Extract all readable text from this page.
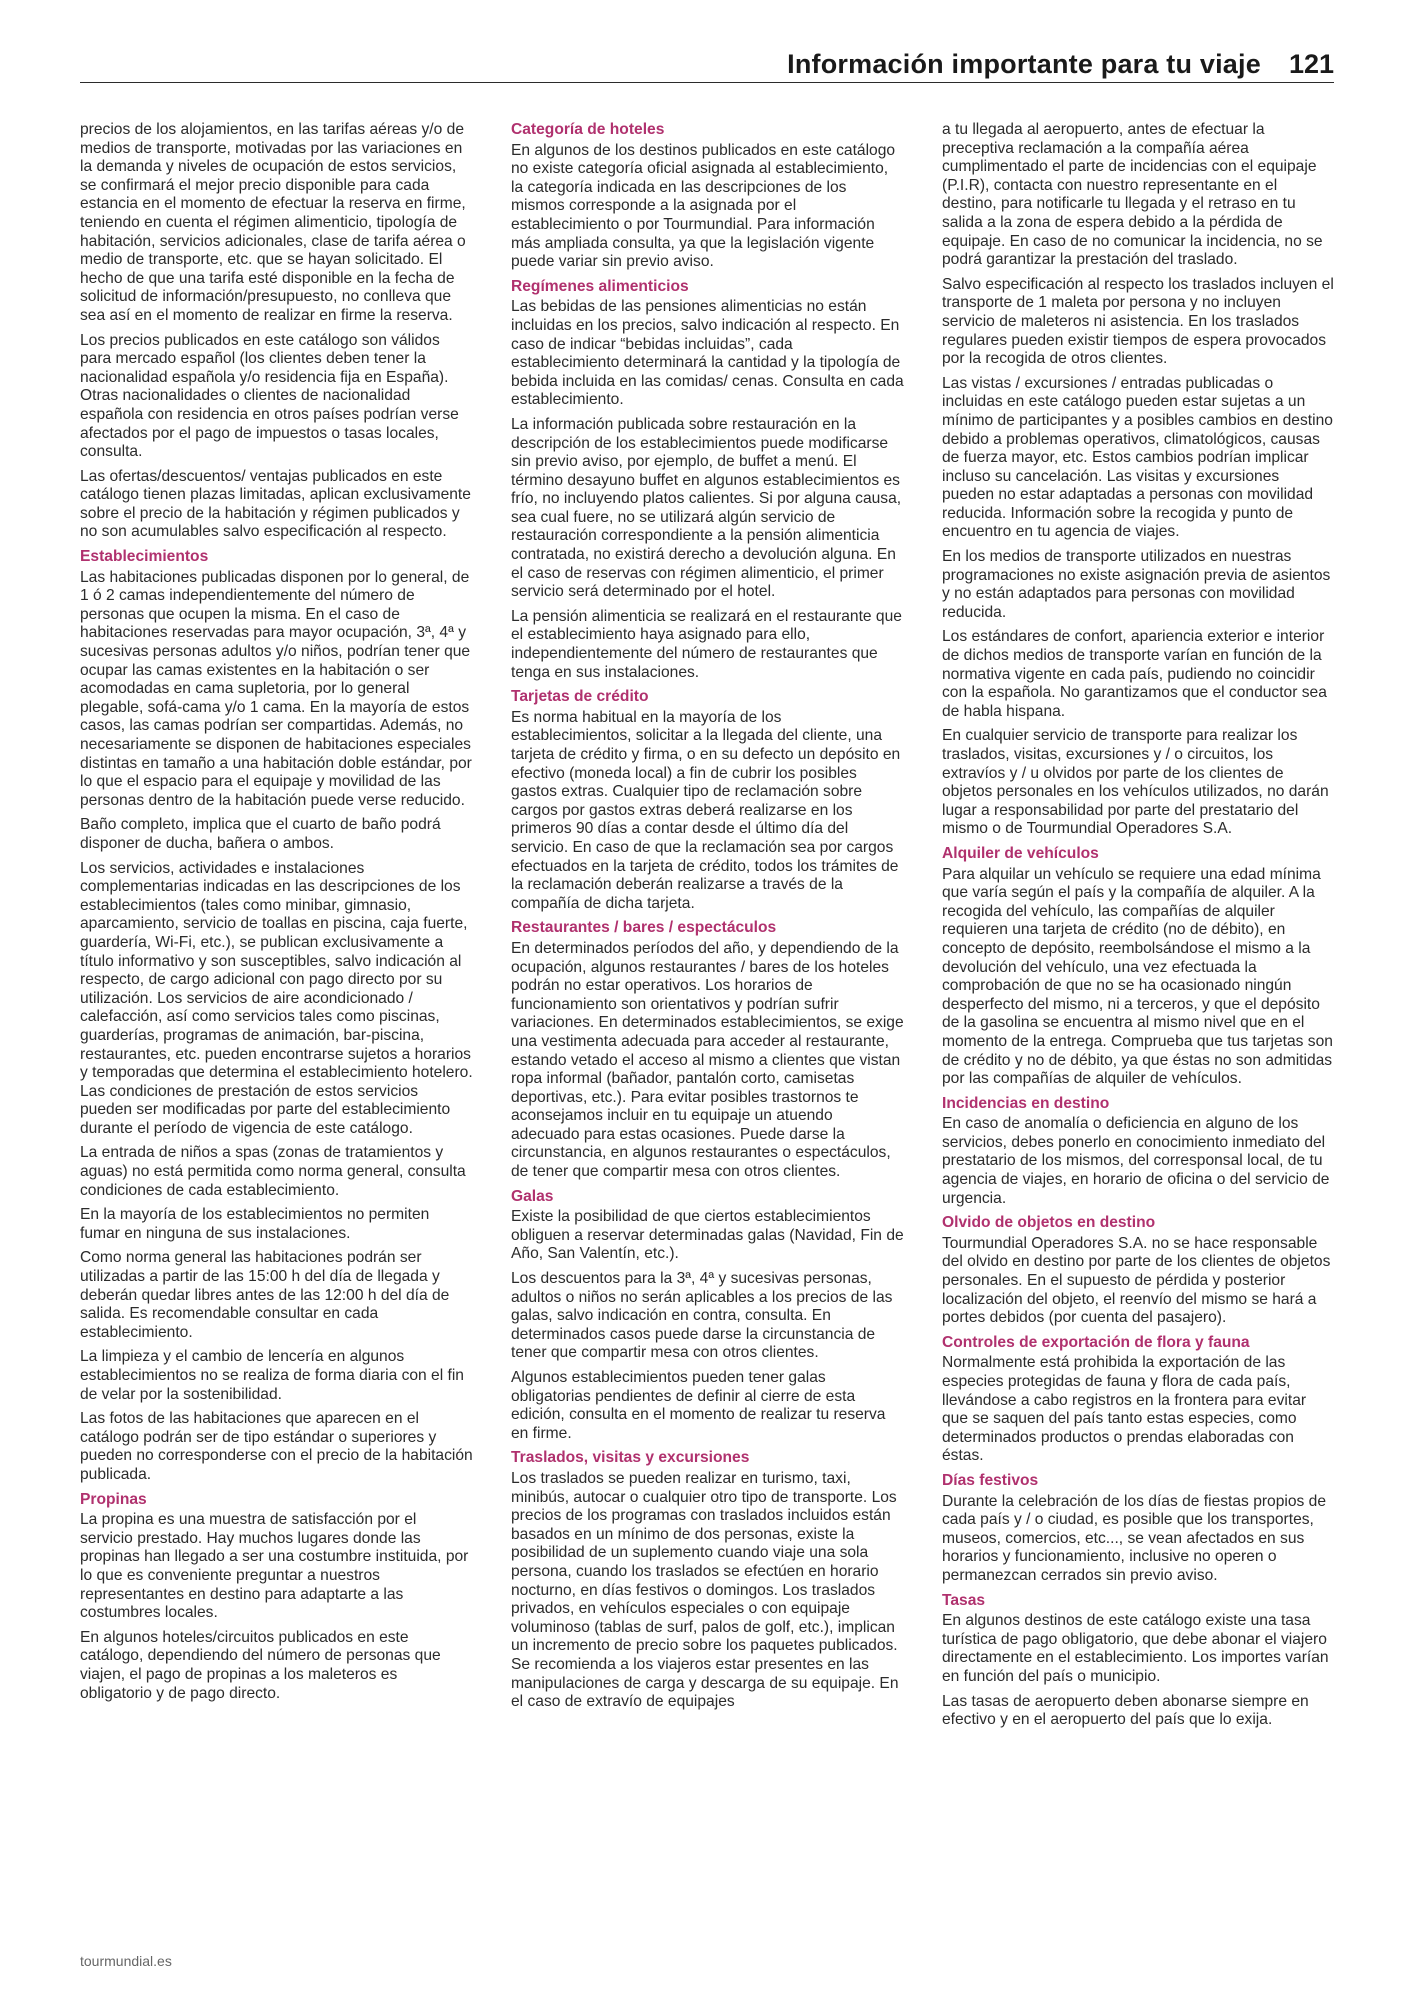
Información importante para tu viaje 121

precios de los alojamientos, en las tarifas aéreas y/o de medios de transporte, motivadas por las variaciones en la demanda y niveles de ocupación de estos servicios, se confirmará el mejor precio disponible para cada estancia en el momento de efectuar la reserva en firme, teniendo en cuenta el régimen alimenticio, tipología de habitación, servicios adicionales, clase de tarifa aérea o medio de transporte, etc. que se hayan solicitado. El hecho de que una tarifa esté disponible en la fecha de solicitud de información/presupuesto, no conlleva que sea así en el momento de realizar en firme la reserva.

Los precios publicados en este catálogo son válidos para mercado español (los clientes deben tener la nacionalidad española y/o residencia fija en España). Otras nacionalidades o clientes de nacionalidad española con residencia en otros países podrían verse afectados por el pago de impuestos o tasas locales, consulta.

Las ofertas/descuentos/ ventajas publicados en este catálogo tienen plazas limitadas, aplican exclusivamente sobre el precio de la habitación y régimen publicados y no son acumulables salvo especificación al respecto.

Establecimientos

Las habitaciones publicadas disponen por lo general, de 1 ó 2 camas independientemente del número de personas que ocupen la misma. En el caso de habitaciones reservadas para mayor ocupación, 3ª, 4ª y sucesivas personas adultos y/o niños, podrían tener que ocupar las camas existentes en la habitación o ser acomodadas en cama supletoria, por lo general plegable, sofá-cama y/o 1 cama. En la mayoría de estos casos, las camas podrían ser compartidas. Además, no necesariamente se disponen de habitaciones especiales distintas en tamaño a una habitación doble estándar, por lo que el espacio para el equipaje y movilidad de las personas dentro de la habitación puede verse reducido.

Baño completo, implica que el cuarto de baño podrá disponer de ducha, bañera o ambos.

Los servicios, actividades e instalaciones complementarias indicadas en las descripciones de los establecimientos (tales como minibar, gimnasio, aparcamiento, servicio de toallas en piscina, caja fuerte, guardería, Wi-Fi, etc.), se publican exclusivamente a título informativo y son susceptibles, salvo indicación al respecto, de cargo adicional con pago directo por su utilización. Los servicios de aire acondicionado / calefacción, así como servicios tales como piscinas, guarderías, programas de animación, bar-piscina, restaurantes, etc. pueden encontrarse sujetos a horarios y temporadas que determina el establecimiento hotelero. Las condiciones de prestación de estos servicios pueden ser modificadas por parte del establecimiento durante el período de vigencia de este catálogo.

La entrada de niños a spas (zonas de tratamientos y aguas) no está permitida como norma general, consulta condiciones de cada establecimiento.

En la mayoría de los establecimientos no permiten fumar en ninguna de sus instalaciones.

Como norma general las habitaciones podrán ser utilizadas a partir de las 15:00 h del día de llegada y deberán quedar libres antes de las 12:00 h del día de salida. Es recomendable consultar en cada establecimiento.

La limpieza y el cambio de lencería en algunos establecimientos no se realiza de forma diaria con el fin de velar por la sostenibilidad.

Las fotos de las habitaciones que aparecen en el catálogo podrán ser de tipo estándar o superiores y pueden no corresponderse con el precio de la habitación publicada.

Propinas

La propina es una muestra de satisfacción por el servicio prestado. Hay muchos lugares donde las propinas han llegado a ser una costumbre instituida, por lo que es conveniente preguntar a nuestros representantes en destino para adaptarte a las costumbres locales.

En algunos hoteles/circuitos publicados en este catálogo, dependiendo del número de personas que viajen, el pago de propinas a los maleteros es obligatorio y de pago directo.

Categoría de hoteles

En algunos de los destinos publicados en este catálogo no existe categoría oficial asignada al establecimiento, la categoría indicada en las descripciones de los mismos corresponde a la asignada por el establecimiento o por Tourmundial. Para información más ampliada consulta, ya que la legislación vigente puede variar sin previo aviso.

Regímenes alimenticios

Las bebidas de las pensiones alimenticias no están incluidas en los precios, salvo indicación al respecto. En caso de indicar “bebidas incluidas”, cada establecimiento determinará la cantidad y la tipología de bebida incluida en las comidas/ cenas. Consulta en cada establecimiento.

La información publicada sobre restauración en la descripción de los establecimientos puede modificarse sin previo aviso, por ejemplo, de buffet a menú. El término desayuno buffet en algunos establecimientos es frío, no incluyendo platos calientes. Si por alguna causa, sea cual fuere, no se utilizará algún servicio de restauración correspondiente a la pensión alimenticia contratada, no existirá derecho a devolución alguna. En el caso de reservas con régimen alimenticio, el primer servicio será determinado por el hotel.

La pensión alimenticia se realizará en el restaurante que el establecimiento haya asignado para ello, independientemente del número de restaurantes que tenga en sus instalaciones.

Tarjetas de crédito

Es norma habitual en la mayoría de los establecimientos, solicitar a la llegada del cliente, una tarjeta de crédito y firma, o en su defecto un depósito en efectivo (moneda local) a fin de cubrir los posibles gastos extras. Cualquier tipo de reclamación sobre cargos por gastos extras deberá realizarse en los primeros 90 días a contar desde el último día del servicio. En caso de que la reclamación sea por cargos efectuados en la tarjeta de crédito, todos los trámites de la reclamación deberán realizarse a través de la compañía de dicha tarjeta.

Restaurantes / bares / espectáculos

En determinados períodos del año, y dependiendo de la ocupación, algunos restaurantes / bares de los hoteles podrán no estar operativos. Los horarios de funcionamiento son orientativos y podrían sufrir variaciones. En determinados establecimientos, se exige una vestimenta adecuada para acceder al restaurante, estando vetado el acceso al mismo a clientes que vistan ropa informal (bañador, pantalón corto, camisetas deportivas, etc.). Para evitar posibles trastornos te aconsejamos incluir en tu equipaje un atuendo adecuado para estas ocasiones. Puede darse la circunstancia, en algunos restaurantes o espectáculos, de tener que compartir mesa con otros clientes.

Galas

Existe la posibilidad de que ciertos establecimientos obliguen a reservar determinadas galas (Navidad, Fin de Año, San Valentín, etc.).

Los descuentos para la 3ª, 4ª y sucesivas personas, adultos o niños no serán aplicables a los precios de las galas, salvo indicación en contra, consulta. En determinados casos puede darse la circunstancia de tener que compartir mesa con otros clientes.

Algunos establecimientos pueden tener galas obligatorias pendientes de definir al cierre de esta edición, consulta en el momento de realizar tu reserva en firme.

Traslados, visitas y excursiones

Los traslados se pueden realizar en turismo, taxi, minibús, autocar o cualquier otro tipo de transporte. Los precios de los programas con traslados incluidos están basados en un mínimo de dos personas, existe la posibilidad de un suplemento cuando viaje una sola persona, cuando los traslados se efectúen en horario nocturno, en días festivos o domingos. Los traslados privados, en vehículos especiales o con equipaje voluminoso (tablas de surf, palos de golf, etc.), implican un incremento de precio sobre los paquetes publicados. Se recomienda a los viajeros estar presentes en las manipulaciones de carga y descarga de su equipaje. En el caso de extravío de equipajes

a tu llegada al aeropuerto, antes de efectuar la preceptiva reclamación a la compañía aérea cumplimentado el parte de incidencias con el equipaje (P.I.R), contacta con nuestro representante en el destino, para notificarle tu llegada y el retraso en tu salida a la zona de espera debido a la pérdida de equipaje. En caso de no comunicar la incidencia, no se podrá garantizar la prestación del traslado.

Salvo especificación al respecto los traslados incluyen el transporte de 1 maleta por persona y no incluyen servicio de maleteros ni asistencia. En los traslados regulares pueden existir tiempos de espera provocados por la recogida de otros clientes.

Las vistas / excursiones / entradas publicadas o incluidas en este catálogo pueden estar sujetas a un mínimo de participantes y a posibles cambios en destino debido a problemas operativos, climatológicos, causas de fuerza mayor, etc. Estos cambios podrían implicar incluso su cancelación. Las visitas y excursiones pueden no estar adaptadas a personas con movilidad reducida. Información sobre la recogida y punto de encuentro en tu agencia de viajes.

En los medios de transporte utilizados en nuestras programaciones no existe asignación previa de asientos y no están adaptados para personas con movilidad reducida.

Los estándares de confort, apariencia exterior e interior de dichos medios de transporte varían en función de la normativa vigente en cada país, pudiendo no coincidir con la española. No garantizamos que el conductor sea de habla hispana.

En cualquier servicio de transporte para realizar los traslados, visitas, excursiones y / o circuitos, los extravíos y / u olvidos por parte de los clientes de objetos personales en los vehículos utilizados, no darán lugar a responsabilidad por parte del prestatario del mismo o de Tourmundial Operadores S.A.

Alquiler de vehículos

Para alquilar un vehículo se requiere una edad mínima que varía según el país y la compañía de alquiler. A la recogida del vehículo, las compañías de alquiler requieren una tarjeta de crédito (no de débito), en concepto de depósito, reembolsándose el mismo a la devolución del vehículo, una vez efectuada la comprobación de que no se ha ocasionado ningún desperfecto del mismo, ni a terceros, y que el depósito de la gasolina se encuentra al mismo nivel que en el momento de la entrega. Comprueba que tus tarjetas son de crédito y no de débito, ya que éstas no son admitidas por las compañías de alquiler de vehículos.

Incidencias en destino

En caso de anomalía o deficiencia en alguno de los servicios, debes ponerlo en conocimiento inmediato del prestatario de los mismos, del corresponsal local, de tu agencia de viajes, en horario de oficina o del servicio de urgencia.

Olvido de objetos en destino

Tourmundial Operadores S.A. no se hace responsable del olvido en destino por parte de los clientes de objetos personales. En el supuesto de pérdida y posterior localización del objeto, el reenvío del mismo se hará a portes debidos (por cuenta del pasajero).

Controles de exportación de flora y fauna

Normalmente está prohibida la exportación de las especies protegidas de fauna y flora de cada país, llevándose a cabo registros en la frontera para evitar que se saquen del país tanto estas especies, como determinados productos o prendas elaboradas con éstas.

Días festivos

Durante la celebración de los días de fiestas propios de cada país y / o ciudad, es posible que los transportes, museos, comercios, etc..., se vean afectados en sus horarios y funcionamiento, inclusive no operen o permanezcan cerrados sin previo aviso.

Tasas

En algunos destinos de este catálogo existe una tasa turística de pago obligatorio, que debe abonar el viajero directamente en el establecimiento. Los importes varían en función del país o municipio.

Las tasas de aeropuerto deben abonarse siempre en efectivo y en el aeropuerto del país que lo exija.

tourmundial.es
